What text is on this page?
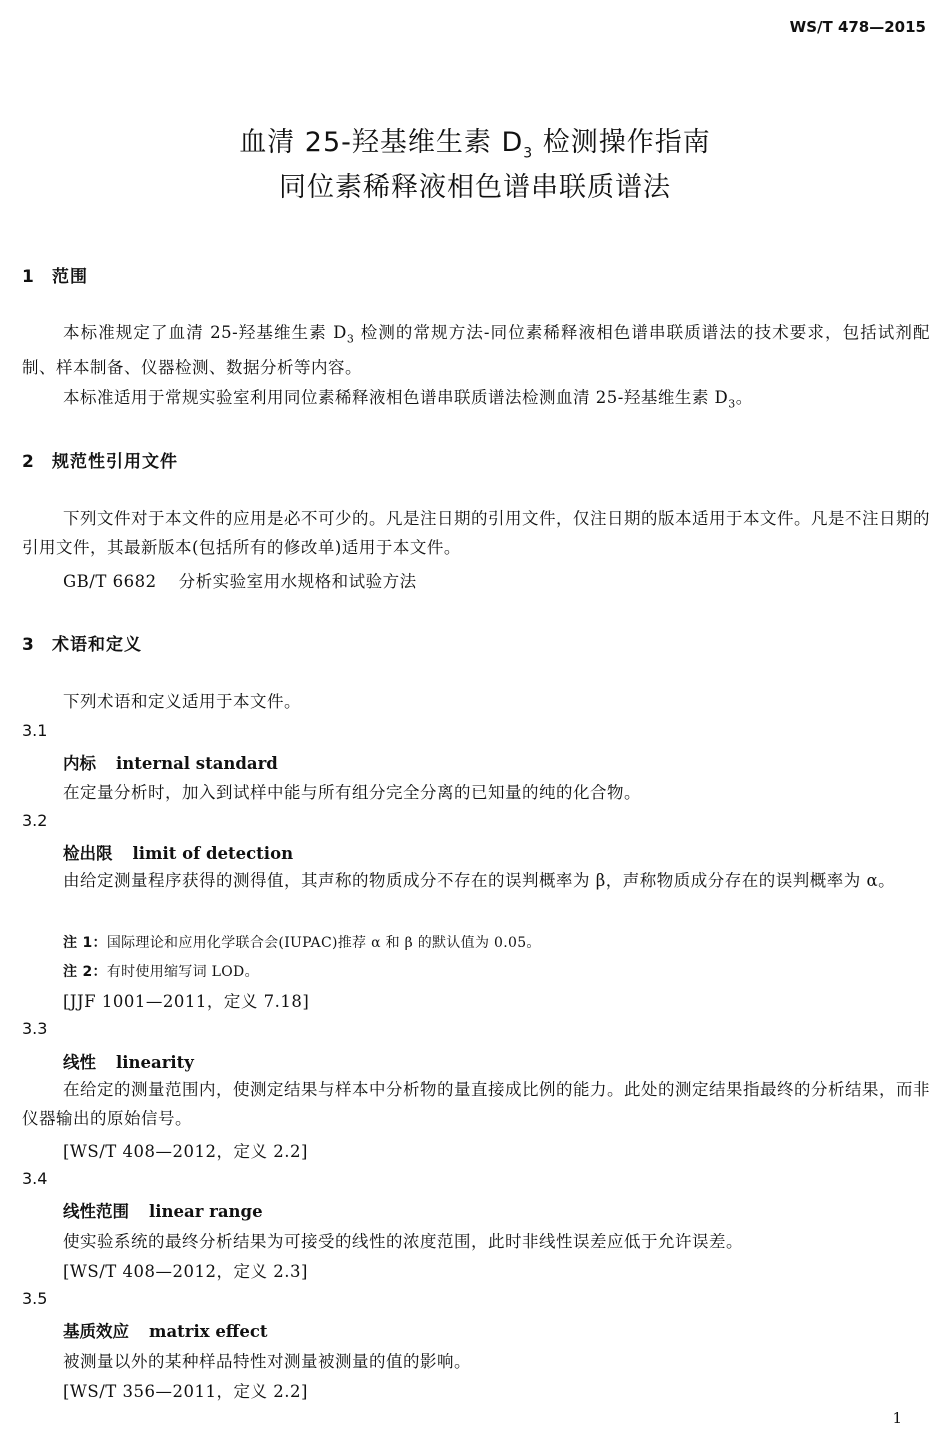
WS/T 478—2015
血清 25-羟基维生素 $D_3$ 检测操作指南
同位素稀释液相色谱串联质谱法
1 范围
本标准规定了血清 25-羟基维生素 $D_3$ 检测的常规方法-同位素稀释液相色谱串联质谱法的技术要求，包括试剂配制、样本制备、仪器检测、数据分析等内容。
本标准适用于常规实验室利用同位素稀释液相色谱串联质谱法检测血清 25-羟基维生素 $D_3$。
2 规范性引用文件
下列文件对于本文件的应用是必不可少的。凡是注日期的引用文件，仅注日期的版本适用于本文件。凡是不注日期的引用文件，其最新版本(包括所有的修改单)适用于本文件。
GB/T 6682 分析实验室用水规格和试验方法
3 术语和定义
下列术语和定义适用于本文件。
3.1
内标 internal standard
在定量分析时，加入到试样中能与所有组分完全分离的已知量的纯的化合物。
3.2
检出限 limit of detection
由给定测量程序获得的测得值，其声称的物质成分不存在的误判概率为 β，声称物质成分存在的误判概率为 α。
注 1：国际理论和应用化学联合会(IUPAC)推荐 α 和 β 的默认值为 0.05。
注 2：有时使用缩写词 LOD。
[JJF 1001—2011，定义 7.18]
3.3
线性 linearity
在给定的测量范围内，使测定结果与样本中分析物的量直接成比例的能力。此处的测定结果指最终的分析结果，而非仪器输出的原始信号。
[WS/T 408—2012，定义 2.2]
3.4
线性范围 linear range
使实验系统的最终分析结果为可接受的线性的浓度范围，此时非线性误差应低于允许误差。
[WS/T 408—2012，定义 2.3]
3.5
基质效应 matrix effect
被测量以外的某种样品特性对测量被测量的值的影响。
[WS/T 356—2011，定义 2.2]
1
